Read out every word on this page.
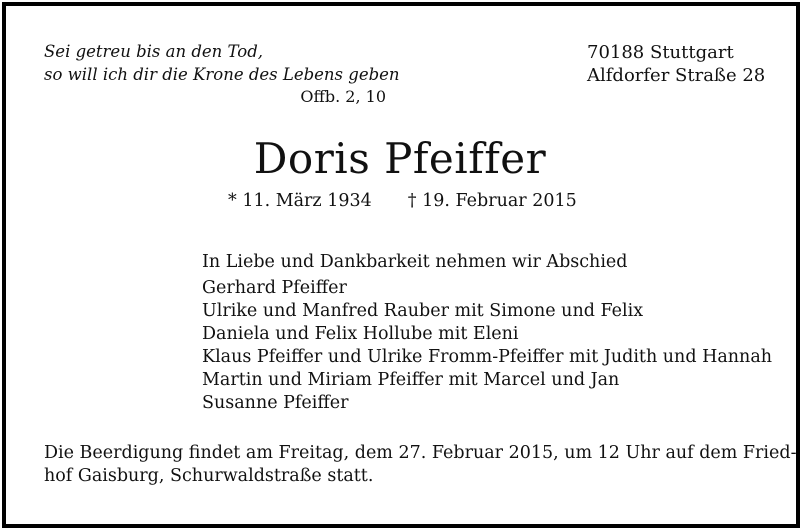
Sei getreu bis an den Tod,
so will ich dir die Krone des Lebens geben
Offb. 2, 10
70188 Stuttgart
Alfdorfer Straße 28
Doris Pfeiffer
* 11. März 1934 † 19. Februar 2015
In Liebe und Dankbarkeit nehmen wir Abschied
Gerhard Pfeiffer
Ulrike und Manfred Rauber mit Simone und Felix
Daniela und Felix Hollube mit Eleni
Klaus Pfeiffer und Ulrike Fromm-Pfeiffer mit Judith und Hannah
Martin und Miriam Pfeiffer mit Marcel und Jan
Susanne Pfeiffer
Die Beerdigung findet am Freitag, dem 27. Februar 2015, um 12 Uhr auf dem Fried-
hof Gaisburg, Schurwaldstraße statt.
